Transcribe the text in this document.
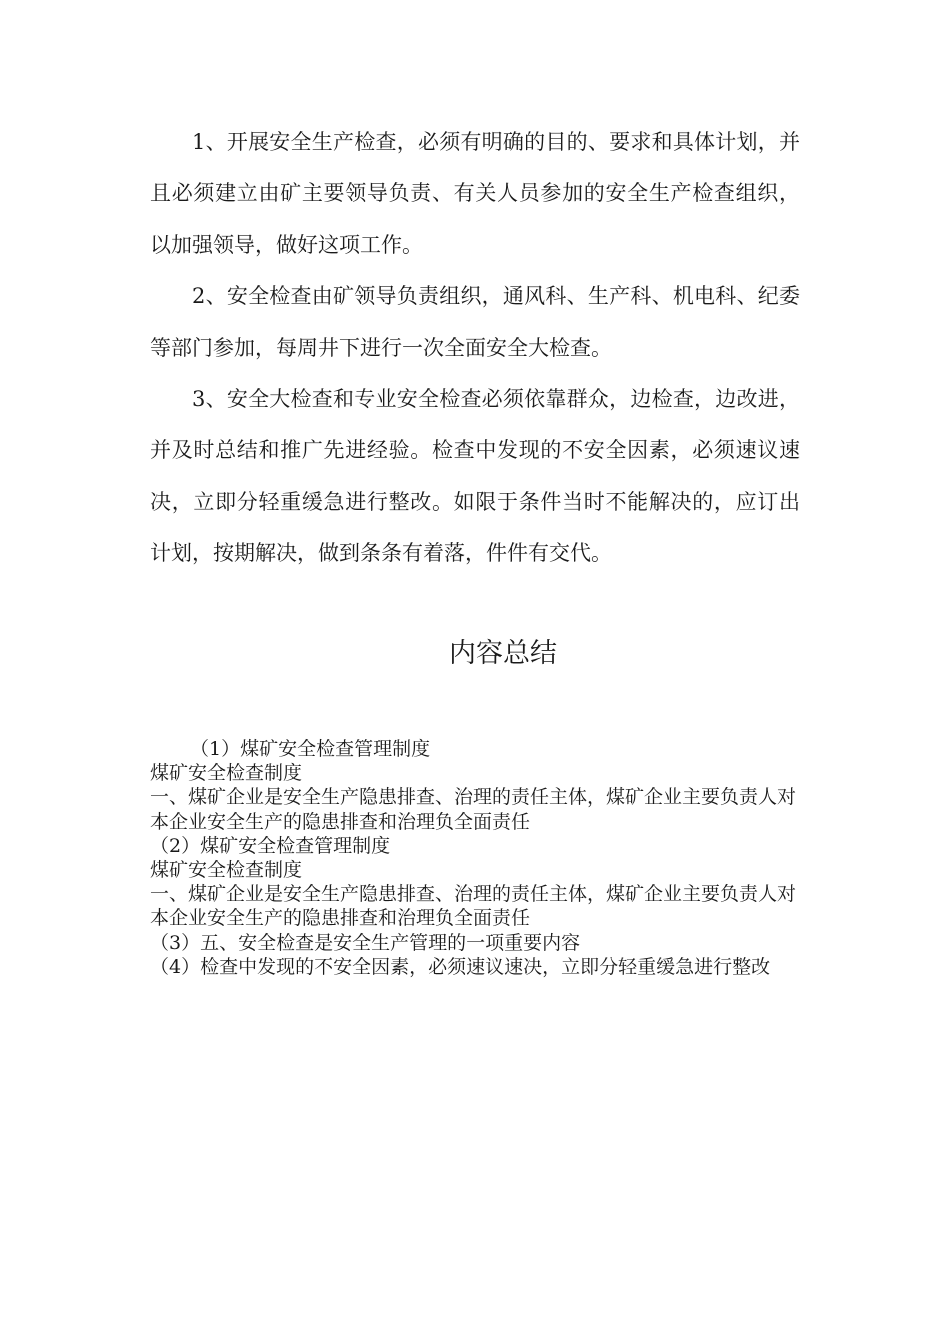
1、开展安全生产检查，必须有明确的目的、要求和具体计划，并且必须建立由矿主要领导负责、有关人员参加的安全生产检查组织，以加强领导，做好这项工作。

2、安全检查由矿领导负责组织，通风科、生产科、机电科、纪委等部门参加，每周井下进行一次全面安全大检查。

3、安全大检查和专业安全检查必须依靠群众，边检查，边改进，并及时总结和推广先进经验。检查中发现的不安全因素，必须速议速决，立即分轻重缓急进行整改。如限于条件当时不能解决的，应订出计划，按期解决，做到条条有着落，件件有交代。

内容总结

（1）煤矿安全检查管理制度

煤矿安全检查制度

一、煤矿企业是安全生产隐患排查、治理的责任主体，煤矿企业主要负责人对本企业安全生产的隐患排查和治理负全面责任

（2）煤矿安全检查管理制度

煤矿安全检查制度

一、煤矿企业是安全生产隐患排查、治理的责任主体，煤矿企业主要负责人对本企业安全生产的隐患排查和治理负全面责任

（3）五、安全检查是安全生产管理的一项重要内容

（4）检查中发现的不安全因素，必须速议速决，立即分轻重缓急进行整改
